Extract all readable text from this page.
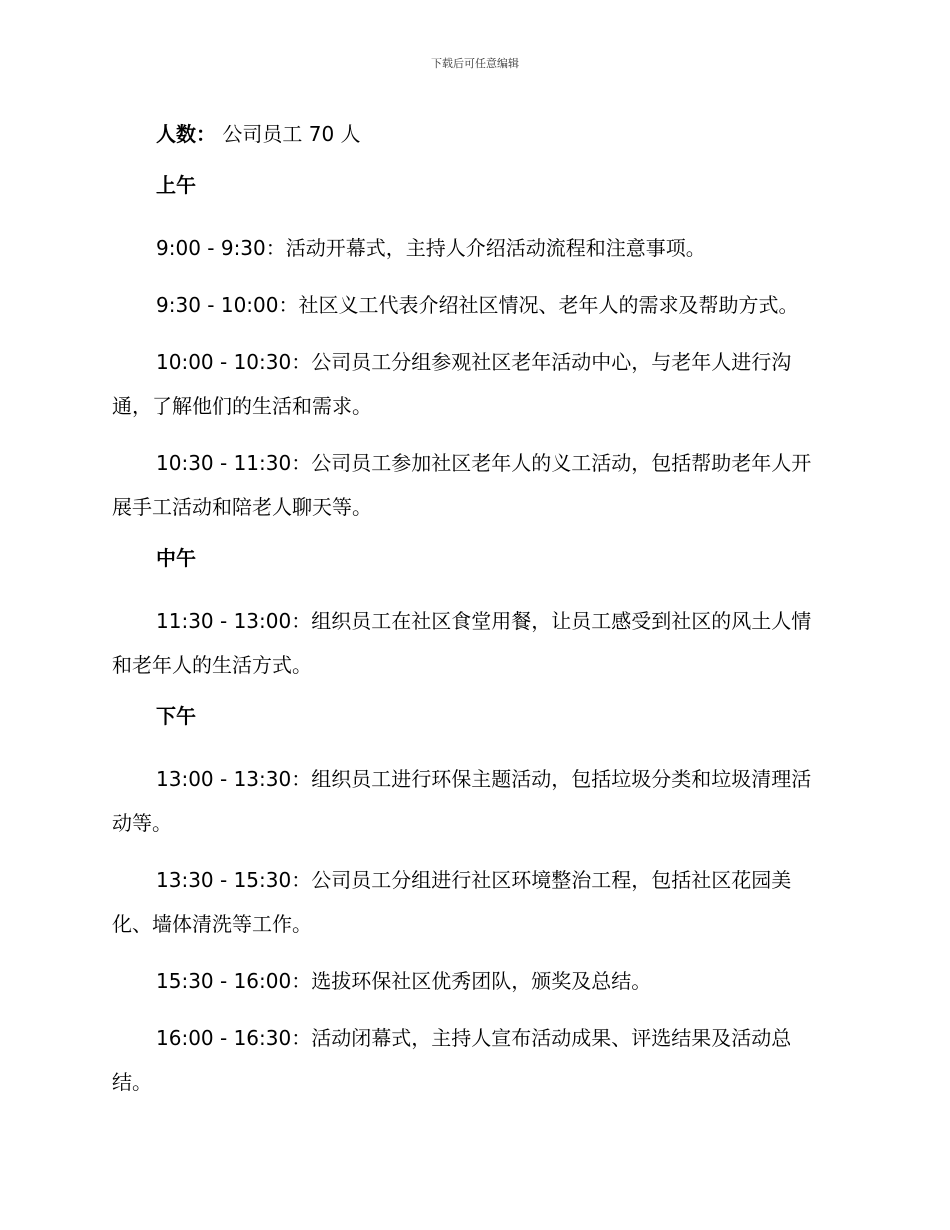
下载后可任意编辑

人数： 公司员工 70 人

上午

9:00 - 9:30：活动开幕式，主持人介绍活动流程和注意事项。

9:30 - 10:00：社区义工代表介绍社区情况、老年人的需求及帮助方式。

10:00 - 10:30：公司员工分组参观社区老年活动中心，与老年人进行沟通，了解他们的生活和需求。

10:30 - 11:30：公司员工参加社区老年人的义工活动，包括帮助老年人开展手工活动和陪老人聊天等。

中午

11:30 - 13:00：组织员工在社区食堂用餐，让员工感受到社区的风土人情和老年人的生活方式。

下午

13:00 - 13:30：组织员工进行环保主题活动，包括垃圾分类和垃圾清理活动等。

13:30 - 15:30：公司员工分组进行社区环境整治工程，包括社区花园美化、墙体清洗等工作。

15:30 - 16:00：选拔环保社区优秀团队，颁奖及总结。

16:00 - 16:30：活动闭幕式，主持人宣布活动成果、评选结果及活动总结。
